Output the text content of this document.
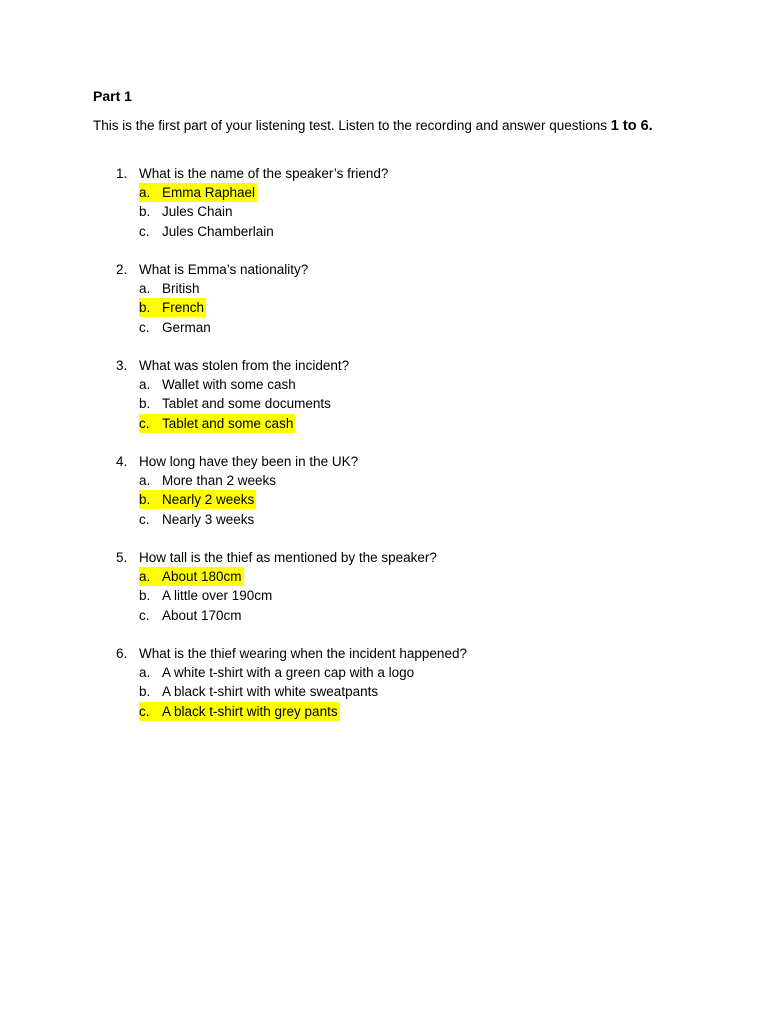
Part 1

This is the first part of your listening test. Listen to the recording and answer questions 1 to 6.

1. What is the name of the speaker’s friend?
a. Emma Raphael
b. Jules Chain
c. Jules Chamberlain
2. What is Emma’s nationality?
a. British
b. French
c. German
3. What was stolen from the incident?
a. Wallet with some cash
b. Tablet and some documents
c. Tablet and some cash
4. How long have they been in the UK?
a. More than 2 weeks
b. Nearly 2 weeks
c. Nearly 3 weeks
5. How tall is the thief as mentioned by the speaker?
a. About 180cm
b. A little over 190cm
c. About 170cm
6. What is the thief wearing when the incident happened?
a. A white t-shirt with a green cap with a logo
b. A black t-shirt with white sweatpants
c. A black t-shirt with grey pants
